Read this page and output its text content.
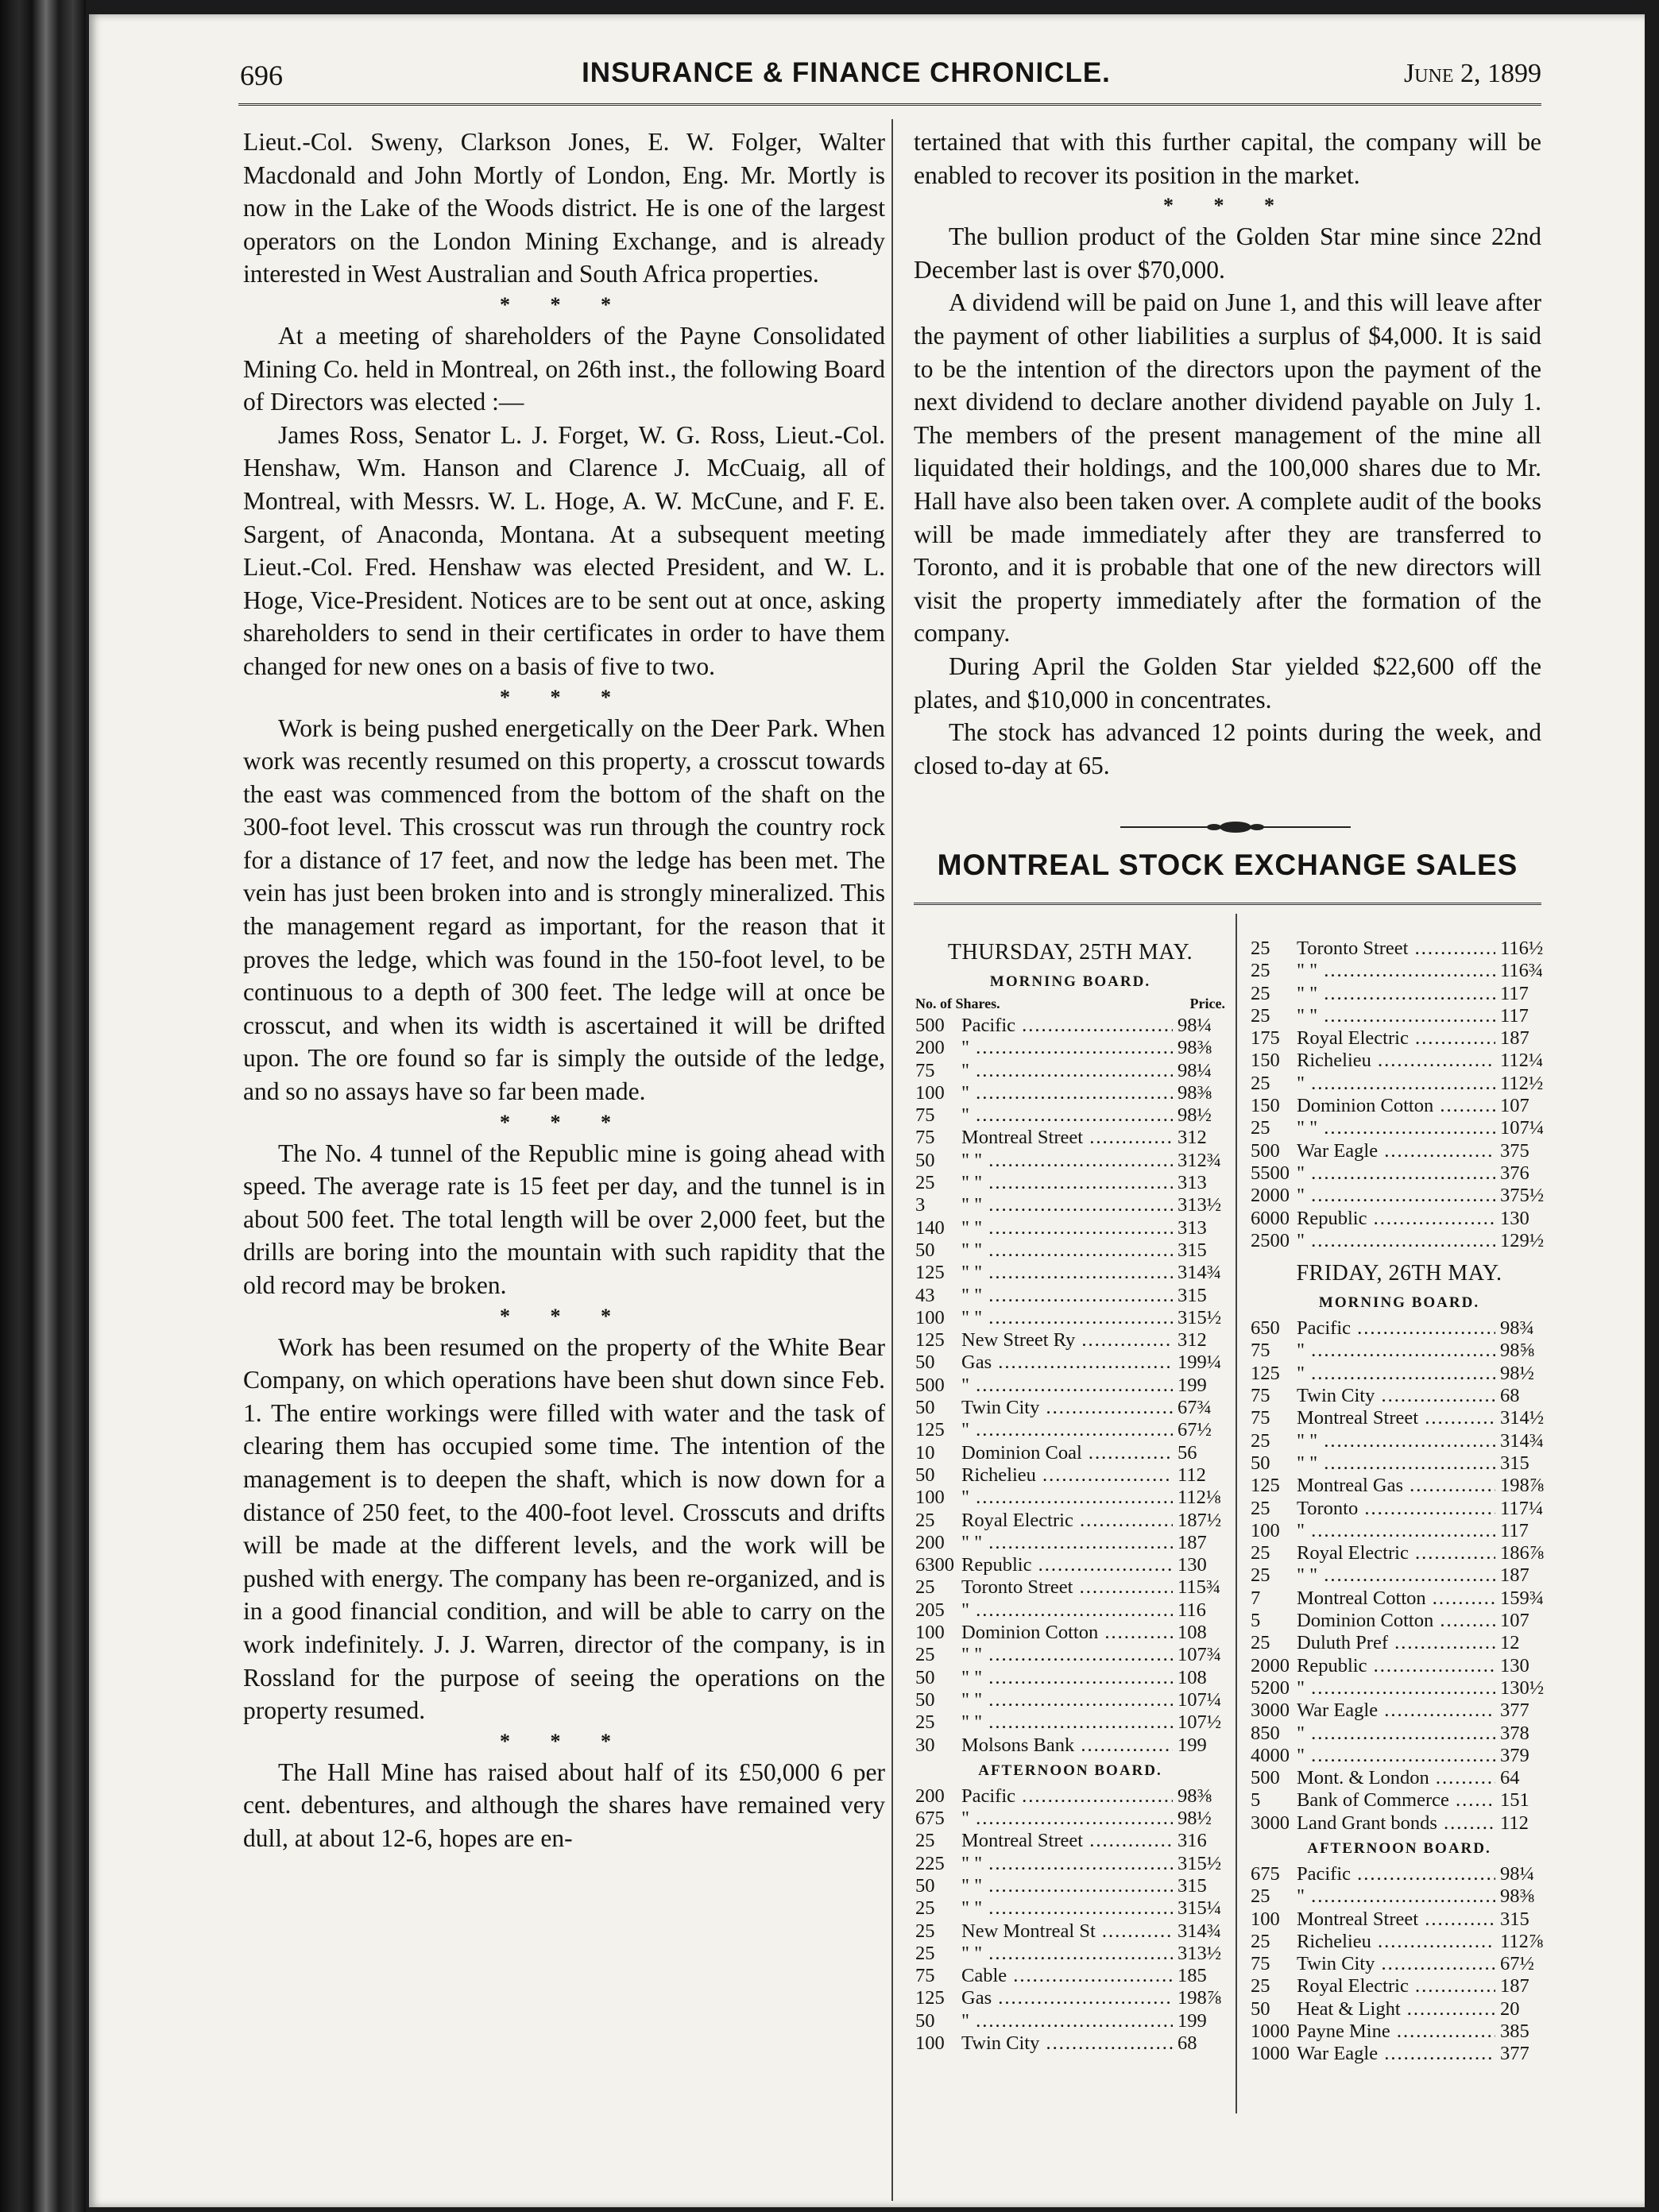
696	INSURANCE & FINANCE CHRONICLE.	June 2, 1899

Lieut.-Col. Sweny, Clarkson Jones, E. W. Folger, Walter Macdonald and John Mortly of London, Eng. Mr. Mortly is now in the Lake of the Woods district. He is one of the largest operators on the London Mining Exchange, and is already interested in West Australian and South Africa properties.

* * *

At a meeting of shareholders of the Payne Consolidated Mining Co. held in Montreal, on 26th inst., the following Board of Directors was elected :—

James Ross, Senator L. J. Forget, W. G. Ross, Lieut.-Col. Henshaw, Wm. Hanson and Clarence J. McCuaig, all of Montreal, with Messrs. W. L. Hoge, A. W. McCune, and F. E. Sargent, of Anaconda, Montana. At a subsequent meeting Lieut.-Col. Fred. Henshaw was elected President, and W. L. Hoge, Vice-President. Notices are to be sent out at once, asking shareholders to send in their certificates in order to have them changed for new ones on a basis of five to two.

* * *

Work is being pushed energetically on the Deer Park. When work was recently resumed on this property, a crosscut towards the east was commenced from the bottom of the shaft on the 300-foot level. This crosscut was run through the country rock for a distance of 17 feet, and now the ledge has been met. The vein has just been broken into and is strongly mineralized. This the management regard as important, for the reason that it proves the ledge, which was found in the 150-foot level, to be continuous to a depth of 300 feet. The ledge will at once be crosscut, and when its width is ascertained it will be drifted upon. The ore found so far is simply the outside of the ledge, and so no assays have so far been made.

* * *

The No. 4 tunnel of the Republic mine is going ahead with speed. The average rate is 15 feet per day, and the tunnel is in about 500 feet. The total length will be over 2,000 feet, but the drills are boring into the mountain with such rapidity that the old record may be broken.

* * *

Work has been resumed on the property of the White Bear Company, on which operations have been shut down since Feb. 1. The entire workings were filled with water and the task of clearing them has occupied some time. The intention of the management is to deepen the shaft, which is now down for a distance of 250 feet, to the 400-foot level. Crosscuts and drifts will be made at the different levels, and the work will be pushed with energy. The company has been re-organized, and is in a good financial condition, and will be able to carry on the work indefinitely. J. J. Warren, director of the company, is in Rossland for the purpose of seeing the operations on the property resumed.

* * *

The Hall Mine has raised about half of its £50,000 6 per cent. debentures, and although the shares have remained very dull, at about 12-6, hopes are en-

tertained that with this further capital, the company will be enabled to recover its position in the market.

* * *

The bullion product of the Golden Star mine since 22nd December last is over $70,000.

A dividend will be paid on June 1, and this will leave after the payment of other liabilities a surplus of $4,000. It is said to be the intention of the directors upon the payment of the next dividend to declare another dividend payable on July 1. The members of the present management of the mine all liquidated their holdings, and the 100,000 shares due to Mr. Hall have also been taken over. A complete audit of the books will be made immediately after they are transferred to Toronto, and it is probable that one of the new directors will visit the property immediately after the formation of the company.

During April the Golden Star yielded $22,600 off the plates, and $10,000 in concentrates.

The stock has advanced 12 points during the week, and closed to-day at 65.

MONTREAL STOCK EXCHANGE SALES
THURSDAY, 25TH MAY.
MORNING BOARD.
No. of Shares.	Price.
500 Pacific .....	98¼
200 " .....	98⅜
75	" .....	98¼
100 " .....	98⅜
75	" .....	98½
75	Montreal Street .....	312
50	" " .....	312¾
25	" " .....	313
3	" " .....	313½
140 " " .....	313
50	" " .....	315
125 " " .....	314¾
43	" " .....	315
100 " " .....	315½
125 New Street Ry .....	312
50	Gas .....	199¼
500 " .....	199
50	Twin City .....	67¾
125 " .....	67½
10	Dominion Coal .....	56
50	Richelieu .....	112
100 " .....	112⅛
25	Royal Electric .....	187½
200 " " .....	187
6300 Republic .....	130
25	Toronto Street .....	115¾
205 " .....	116
100 Dominion Cotton .....	108
25	" " .....	107¾
50	" " .....	108
50	" " .....	107¼
25	" " .....	107½
30	Molsons Bank .....	199
AFTERNOON BOARD.
200 Pacific .....	98⅜
675 " .....	98½
25	Montreal Street .....	316
225 " " .....	315½
50	" " .....	315
25	" " .....	315¼
25	New Montreal St .....	314¾
25	" " .....	313½
75	Cable .....	185
125 Gas .....	198⅞
50	" .....	199
100 Twin City .....	68
25	Toronto Street .....	116½
25	" " .....	116¾
25	" " .....	117
25	" " .....	117
175 Royal Electric .....	187
150 Richelieu .....	112¼
25	" .....	112½
150 Dominion Cotton .....	107
25	" " .....	107¼
500 War Eagle .....	375
5500 " .....	376
2000 " .....	375½
6000 Republic .....	130
2500 " .....	129½
FRIDAY, 26TH MAY.
MORNING BOARD.
650 Pacific .....	98¾
75	" .....	98⅝
125 " .....	98½
75	Twin City .....	68
75	Montreal Street .....	314½
25	" " .....	314¾
50	" " .....	315
125 Montreal Gas .....	198⅞
25	Toronto .....	117¼
100 " .....	117
25	Royal Electric .....	186⅞
25	" " .....	187
7	Montreal Cotton .....	159¾
5	Dominion Cotton .....	107
25	Duluth Pref .....	12
2000 Republic .....	130
5200 " .....	130½
3000 War Eagle .....	377
850 " .....	378
4000 " .....	379
500 Mont. & London .....	64
5	Bank of Commerce .....	151
3000 Land Grant bonds .....	112
AFTERNOON BOARD.
675 Pacific .....	98¼
25	" .....	98⅜
100 Montreal Street .....	315
25	Richelieu .....	112⅞
75	Twin City .....	67½
25	Royal Electric .....	187
50	Heat & Light .....	20
1000 Payne Mine .....	385
1000 War Eagle .....	377
